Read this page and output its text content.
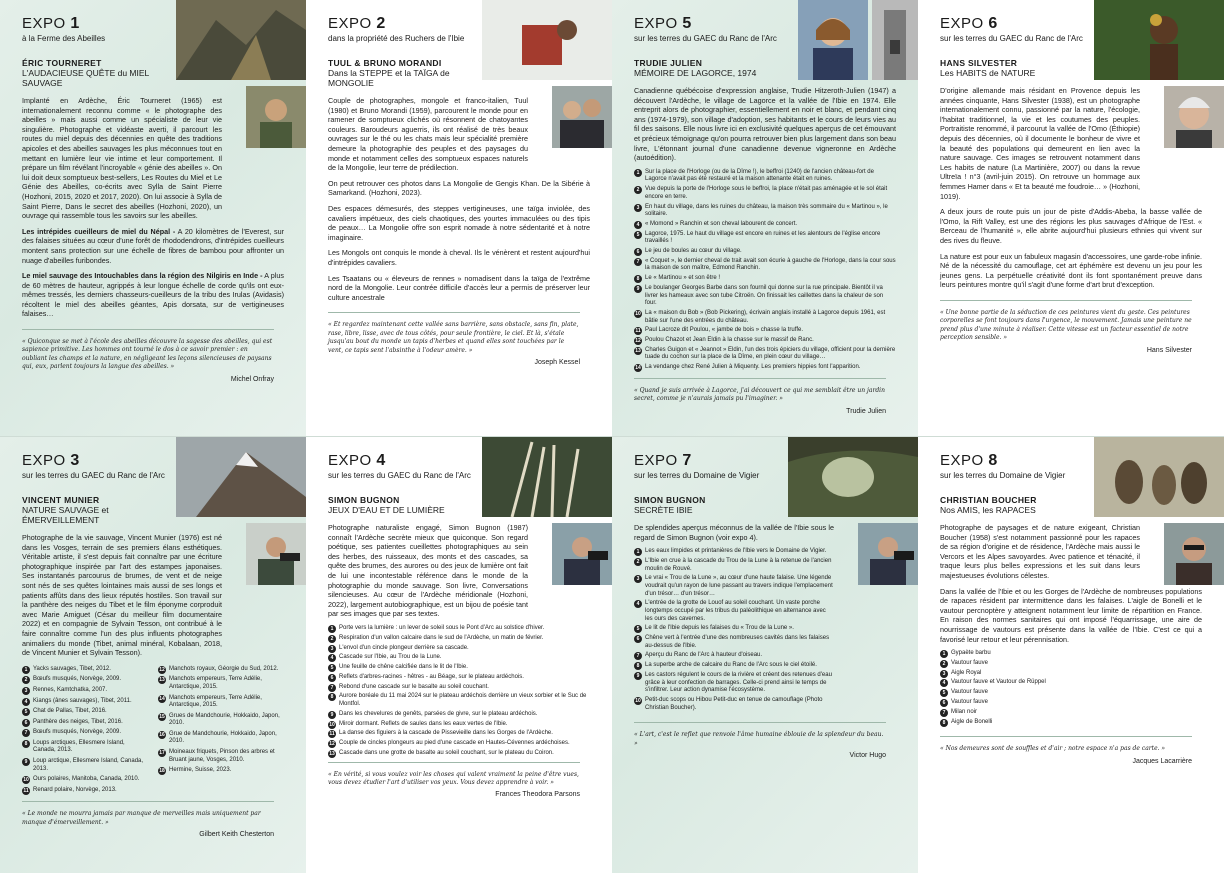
EXPO 1
à la Ferme des Abeilles
ÉRIC TOURNERET
L'AUDACIEUSE QUÊTE du MIEL SAUVAGE

Implanté en Ardèche, Éric Tourneret (1965) est internationalement reconnu comme « le photographe des abeilles » mais aussi comme un spécialiste de leur vie singulière. Photographe et vidéaste averti, il parcourt les routes du miel depuis des décennies en quête des traditions apicoles et des abeilles sauvages les plus méconnues tout en mettant en lumière leur vie intime et leur comportement. Il prépare un film révélant l'incroyable « génie des abeilles ». On lui doit deux somptueux best-sellers, Les Routes du Miel et Le Génie des Abeilles, co-écrits avec Sylla de Saint Pierre (Hozhoni, 2015, 2020 et 2017, 2020). On lui associe à Sylla de Saint Pierre, Dans le secret des abeilles (Hozhoni, 2020), un ouvrage qui rassemble tous les savoirs sur les abeilles.

Les intrépides cueilleurs de miel du Népal - A 20 kilomètres de l'Everest, sur des falaises situées au cœur d'une forêt de rhododendrons, d'intrépides cueilleurs montent sans protection sur une échelle de fibres de bambou pour affronter un nuage d'abeilles furibondes.

Le miel sauvage des Intouchables dans la région des Nilgiris en Inde - A plus de 60 mètres de hauteur, agrippés à leur longue échelle de corde qu'ils ont eux-mêmes tressés, les derniers chasseurs-cueilleurs de la tribu des Irulas (Avidasis) récoltent le miel des abeilles géantes, Apis dorsata, sur de vertigineuses falaises…

« Quiconque se met à l'école des abeilles découvre la sagesse des abeilles, qui est sapience primitive. Les hommes ont tourné le dos à ce savoir premier : en oubliant les champs et la nature, en négligeant les leçons silencieuses de paysans qui, eux, parlent toujours la langue des abeilles. »
Michel Onfray
EXPO 2
dans la propriété des Ruchers de l'Ibie
TUUL & BRUNO MORANDI
Dans la STEPPE et la TAÏGA de MONGOLIE

Couple de photographes, mongole et franco-italien, Tuul (1980) et Bruno Morandi (1959), parcourent le monde pour en ramener de somptueux clichés où résonnent de chatoyantes couleurs. Baroudeurs aguerris, ils ont réalisé de très beaux ouvrages sur le thé ou les chats mais leur spécialité première demeure la photographie des peuples et des paysages du monde et notamment celles des somptueux espaces naturels de la Mongolie, leur terre de prédilection.

On peut retrouver ces photos dans La Mongolie de Gengis Khan. De la Sibérie à Samarkand. (Hozhoni, 2023).

Des espaces démesurés, des steppes vertigineuses, une taïga inviolée, des cavaliers impétueux, des ciels chaotiques, des yourtes immaculées ou des tipis de peaux… La Mongolie offre son esprit nomade à notre sédentarité et à notre imaginaire.

Les Mongols ont conquis le monde à cheval. Ils le vénèrent et restent aujourd'hui d'intrépides cavaliers.

Les Tsaatans ou « éleveurs de rennes » nomadisent dans la taïga de l'extrême nord de la Mongolie. Leur contrée difficile d'accès leur a permis de préserver leur culture ancestrale

« Et regardez maintenant cette vallée sans barrière, sans obstacle, sans fin, plate, rase, libre, lisse, avec de tous côtés, pour seule frontière, le ciel. Et là, s'étale jusqu'au bout du monde un tapis d'herbes et quand elles sont touchées par le vent, ce tapis sent l'absinthe à l'odeur amère. »
Joseph Kessel
EXPO 5
sur les terres du GAEC du Ranc de l'Arc
TRUDIE JULIEN
MÉMOIRE DE LAGORCE, 1974

Canadienne québécoise d'expression anglaise, Trudie Hitzeroth-Julien (1947) a découvert l'Ardèche, le village de Lagorce et la vallée de l'Ibie en 1974. Elle entreprit alors de photographier, essentiellement en noir et blanc, et pendant cinq ans (1974-1979), son village d'adoption, ses habitants et le cours de leurs vies au fil des saisons. Elle nous livre ici en exclusivité quelques aperçus de cet émouvant et précieux témoignage qu'on pourra retrouver bien plus largement dans son beau livre, L'étonnant journal d'une canadienne devenue vigneronne en Ardèche (autoédition).

1 Sur la place de l'Horloge (ou de la Dîme !), le beffroi (1240) de l'ancien château-fort de Lagorce n'avait pas été restauré et la maison attenante était en ruines.
2 Vue depuis la porte de l'Horloge sous le beffroi, la place n'était pas aménagée et le sol était encore en terre.
3 En haut du village, dans les ruines du château, la maison très sommaire du « Martinou », le solitaire.
4 « Momond » Ranchin et son cheval labourent de concert.
5 Lagorce, 1975. Le haut du village est encore en ruines et les alentours de l'église encore travaillés !
6 Le jeu de boules au cœur du village.
7 « Coquet », le dernier cheval de trait avait son écurie à gauche de l'Horloge, dans la cour sous la maison de son maître, Edmond Ranchin.
8 Le « Martinou » et son être !
9 Le boulanger Georges Barbe dans son fournil qui donne sur la rue principale. Bientôt il va livrer les hameaux avec son tube Citroën. On finissait les caillettes dans la chaleur de son four.
10 La « maison du Bob » (Bob Pickering), écrivain anglais installé à Lagorce depuis 1961, est bâtie sur l'une des entrées du château.
11 Paul Lacroze dit Poulou, « jambe de bois » chasse la truffe.
12 Poulou Chazot et Jean Eldin à la chasse sur le massif de Ranc.
13 Charles Guigon et « Jeannot » Eldin, l'un des trois épiciers du village, officient pour la dernière tuade du cochon sur la place de la Dîme, en plein cœur du village…
14 La vendange chez René Julien à Miquenty. Les premiers hippies font l'apparition.
« Quand je suis arrivée à Lagorce, j'ai découvert ce qui me semblait être un jardin secret, comme je n'aurais jamais pu l'imaginer. »
Trudie Julien
EXPO 6
sur les terres du GAEC du Ranc de l'Arc
HANS SILVESTER
Les HABITS de NATURE

D'origine allemande mais résidant en Provence depuis les années cinquante, Hans Silvester (1938), est un photographe internationalement connu, passionné par la nature, l'écologie, l'habitat traditionnel, la vie et les coutumes des peuples. Portraitiste renommé, il parcourut la vallée de l'Omo (Éthiopie) depuis des décennies, où il documente le bonheur de vivre et la beauté des populations qui demeurent en lien avec la nature sauvage. Ces images se retrouvent notamment dans Les habits de nature (La Martinière, 2007) ou dans la revue Ultreïa ! n°3 (avril-juin 2015). On retrouve un hommage aux femmes Hamer dans « Et ta beauté me foudroie… » (Hozhoni, 1019).

A deux jours de route puis un jour de piste d'Addis-Abeba, la basse vallée de l'Omo, la Rift Valley, est une des régions les plus sauvages d'Afrique de l'Est. « Berceau de l'humanité », elle abrite aujourd'hui plusieurs ethnies qui vivent sur des rives du fleuve.

La nature est pour eux un fabuleux magasin d'accessoires, une garde-robe infinie. Né de la nécessité du camouflage, cet art éphémère est devenu un jeu pour les jeunes gens. La perpétuelle créativité dont ils font spontanément preuve dans leurs peintures montre qu'il s'agit d'une forme d'art brut d'exception.

« Une bonne partie de la séduction de ces peintures vient du geste. Ces peintures corporelles se font toujours dans l'urgence, le mouvement. Jamais une peinture ne prend plus d'une minute à réaliser. Cette vitesse est un facteur essentiel de notre perception sensible. »
Hans Silvester
EXPO 3
sur les terres du GAEC du Ranc de l'Arc
VINCENT MUNIER
NATURE SAUVAGE et ÉMERVEILLEMENT

Photographe de la vie sauvage, Vincent Munier (1976) est né dans les Vosges, terrain de ses premiers élans esthétiques. Véritable artiste, il s'est depuis fait connaître par une écriture photographique inspirée par l'art des estampes japonaises. Ses instantanés parcourus de brumes, de vent et de neige sont nés de ses quêtes lointaines mais aussi de ses longs et patients affûts dans des lieux réputés hostiles. Son travail sur la panthère des neiges du Tibet et le film éponyme corproduit avec Marie Amiguet (César du meilleur film documentaire 2022) et en compagnie de Sylvain Tesson, ont contribué à le faire connaître comme l'un des plus influents photographes animaliers du monde (Tibet, animal minéral, Kobalaan, 2018, de Vincent Munier et Sylvain Tesson).

1 Yacks sauvages, Tibet, 2012.
2 Bœufs musqués, Norvège, 2009.
3 Rennes, Kamtchatka, 2007.
4 Kiangs (ânes sauvages), Tibet, 2011.
5 Chat de Pallas, Tibet, 2016.
6 Panthère des neiges, Tibet, 2016.
7 Bœufs musqués, Norvège, 2009.
8 Loups arctiques, Ellesmere Island, Canada, 2013.
9 Loup arctique, Ellesmere Island, Canada, 2013.
10 Ours polaires, Manitoba, Canada, 2010.
11 Renard polaire, Norvège, 2013.
12 Manchots royaux, Géorgie du Sud, 2012.
13 Manchots empereurs, Terre Adélie, Antarctique, 2015.
14 Manchots empereurs, Terre Adélie, Antarctique, 2015.
15 Grues de Mandchourie, Hokkaido, Japon, 2010.
16 Grue de Mandchourie, Hokkaido, Japon, 2010.
17 Moineaux friquets, Pinson des arbres et Bruant jaune, Vosges, 2010.
18 Hermine, Suisse, 2023.
« Le monde ne mourra jamais par manque de merveilles mais uniquement par manque d'émerveillement. »
Gilbert Keith Chesterton
EXPO 4
sur les terres du GAEC du Ranc de l'Arc
SIMON BUGNON
JEUX D'EAU ET DE LUMIÈRE

Photographe naturaliste engagé, Simon Bugnon (1987) connaît l'Ardèche secrète mieux que quiconque. Son regard poétique, ses patientes cueillettes photographiques au sein des herbes, des ruisseaux, des monts et des cascades, sa quête des brumes, des aurores ou des jeux de lumière ont fait de lui une incontestable référence dans le monde de la photographie du monde sauvage. Son livre, Conversations silencieuses. Au cœur de l'Ardèche méridionale (Hozhoni, 2022), largement autobiographique, est un bijou de poésie tant par ses images que par ses textes.

1 Porte vers la lumière : un lever de soleil sous le Pont d'Arc au solstice d'hiver.
2 Respiration d'un vallon calcaire dans le sud de l'Ardèche, un matin de février.
3 L'envol d'un cincle plongeur derrière sa cascade.
4 Cascade sur l'Ibie, au Trou de la Lune.
5 Une feuille de chêne calcifiée dans le lit de l'Ibie.
6 Reflets d'arbres-racines - hêtres - au Béage, sur le plateau ardéchois.
7 Rebond d'une cascade sur le basalte au soleil couchant.
8 Aurore boréale du 11 mai 2024 sur le plateau ardéchois derrière un vieux sorbier et le Suc de Montfol.
9 Dans les chevelures de genêts, parsées de givre, sur le plateau ardéchois.
10 Miroir dormant. Reflets de saules dans les eaux vertes de l'Ibie.
11 La danse des figuiers à la cascade de Pissevieille dans les Gorges de l'Ardèche.
12 Couple de cincles plongeurs au pied d'une cascade en Hautes-Cévennes ardéchoises.
13 Cascade dans une grotte de basalte au soleil couchant, sur le plateau du Coiron.
« En vérité, si vous voulez voir les choses qui valent vraiment la peine d'être vues, vous devez étudier l'art d'utiliser vos yeux. Vous devez apprendre à voir. »
Frances Theodora Parsons
EXPO 7
sur les terres du Domaine de Vigier
SIMON BUGNON
SECRÈTE IBIE

De splendides aperçus méconnus de la vallée de l'Ibie sous le regard de Simon Bugnon (voir expo 4).

1 Les eaux limpides et printanières de l'Ibie vers le Domaine de Vigier.
2 L'Ibie en crue à la cascade du Trou de la Lune à la retenue de l'ancien moulin de Rouvé.
3 Le vrai « Trou de la Lune », au cœur d'une haute falaise. Une légende voudrait qu'un rayon de lune passant au travers indique l'emplacement d'un trésor… d'un trésor…
4 L'entrée de la grotte de Louof au soleil couchant. Un vaste porche longtemps occupé par les tribus du paléolithique en alternance avec les ours des cavernes.
5 Le lit de l'Ibie depuis les falaises du « Trou de la Lune ».
6 Chêne vert à l'entrée d'une des nombreuses cavités dans les falaises au-dessus de l'Ibie.
7 Aperçu du Ranc de l'Arc à hauteur d'oiseau.
8 La superbe arche de calcaire du Ranc de l'Arc sous le ciel étoilé.
9 Les castors régulent le cours de la rivière et créent des retenues d'eau grâce à leur confection de barrages. Celle-ci prend ainsi le temps de s'infiltrer. Leur action dynamise l'écosystème.
10 Petit-duc scops ou Hibou Petit-duc en tenue de camouflage (Photo Christian Boucher).
« L'art, c'est le reflet que renvoie l'âme humaine éblouie de la splendeur du beau. »
Victor Hugo
EXPO 8
sur les terres du Domaine de Vigier
CHRISTIAN BOUCHER
Nos AMIS, les RAPACES

Photographe de paysages et de nature exigeant, Christian Boucher (1958) s'est notamment passionné pour les rapaces de sa région d'origine et de résidence, l'Ardèche mais aussi le Vercors et les Alpes savoyardes. Avec patience et ténacité, il traque leurs plus belles expressions et les suit dans leurs majestueuses évolutions célestes.

Dans la vallée de l'Ibie et ou les Gorges de l'Ardèche de nombreuses populations de rapaces résident par intermittence dans les falaises. L'aigle de Bonelli et le vautour percnoptère y atteignent notamment leur limite de répartition en France. En raison des normes sanitaires qui ont imposé l'équarrissage, une aire de nourrissage de vautours est présente dans la vallée de l'Ibie. C'est ce qui a favorisé leur retour et leur pérennisation.

1 Gypaète barbu
2 Vautour fauve
3 Aigle Royal
4 Vautour fauve et Vautour de Rüppel
5 Vautour fauve
6 Vautour fauve
7 Milan noir
8 Aigle de Bonelli
« Nos demeures sont de souffles et d'air ; notre espace n'a pas de carte. »
Jacques Lacarrière
